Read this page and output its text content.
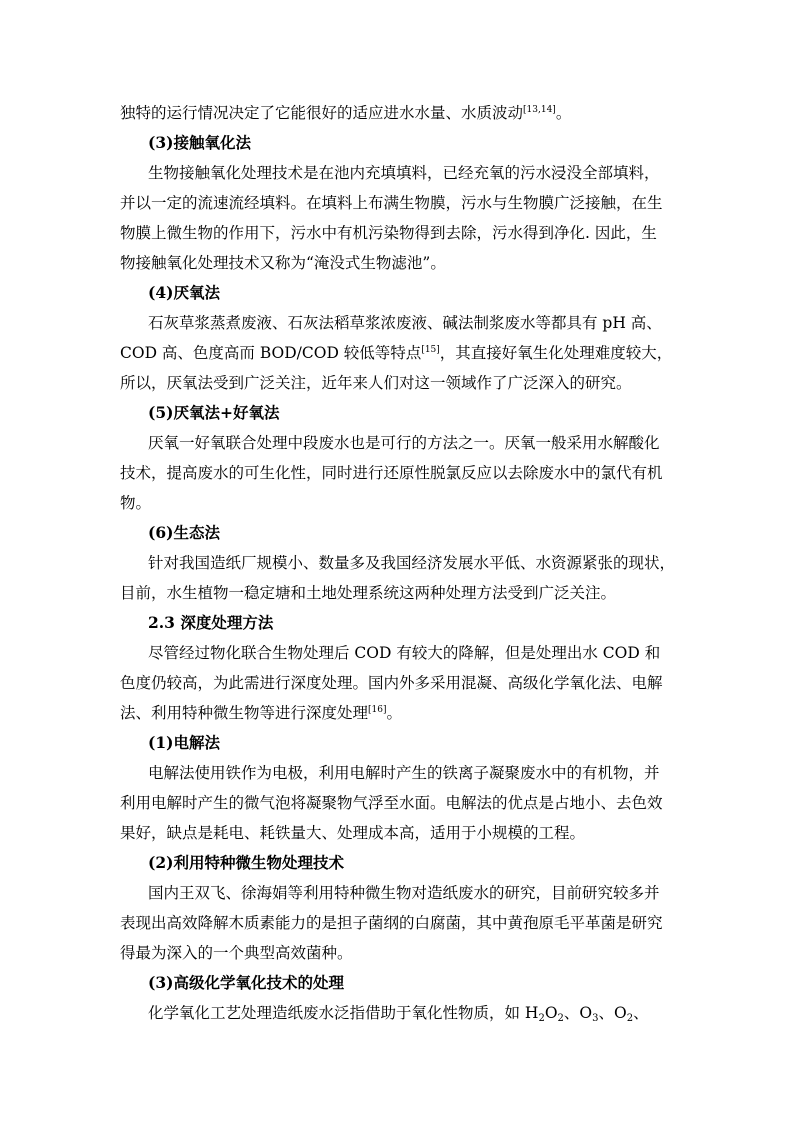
独特的运行情况决定了它能很好的适应进水水量、水质波动[13,14]。
(3)接触氧化法
生物接触氧化处理技术是在池内充填填料，已经充氧的污水浸没全部填料，
并以一定的流速流经填料。在填料上布满生物膜，污水与生物膜广泛接触，在生
物膜上微生物的作用下，污水中有机污染物得到去除，污水得到净化. 因此，生
物接触氧化处理技术又称为“淹没式生物滤池”。
(4)厌氧法
石灰草浆蒸煮废液、石灰法稻草浆浓废液、碱法制浆废水等都具有 pH 高、
COD 高、色度高而 BOD/COD 较低等特点[15]，其直接好氧生化处理难度较大，
所以，厌氧法受到广泛关注，近年来人们对这一领域作了广泛深入的研究。
(5)厌氧法+好氧法
厌氧一好氧联合处理中段废水也是可行的方法之一。厌氧一般采用水解酸化
技术，提高废水的可生化性，同时进行还原性脱氯反应以去除废水中的氯代有机
物。
(6)生态法
针对我国造纸厂规模小、数量多及我国经济发展水平低、水资源紧张的现状，
目前，水生植物一稳定塘和土地处理系统这两种处理方法受到广泛关注。
2.3 深度处理方法
尽管经过物化联合生物处理后 COD 有较大的降解，但是处理出水 COD 和
色度仍较高，为此需进行深度处理。国内外多采用混凝、高级化学氧化法、电解
法、利用特种微生物等进行深度处理[16]。
(1)电解法
电解法使用铁作为电极，利用电解时产生的铁离子凝聚废水中的有机物，并
利用电解时产生的微气泡将凝聚物气浮至水面。电解法的优点是占地小、去色效
果好，缺点是耗电、耗铁量大、处理成本高，适用于小规模的工程。
(2)利用特种微生物处理技术
国内王双飞、徐海娟等利用特种微生物对造纸废水的研究，目前研究较多并
表现出高效降解木质素能力的是担子菌纲的白腐菌，其中黄孢原毛平革菌是研究
得最为深入的一个典型高效菌种。
(3)高级化学氧化技术的处理
化学氧化工艺处理造纸废水泛指借助于氧化性物质，如 $H_2O_2$、$O_3$、$O_2$、
